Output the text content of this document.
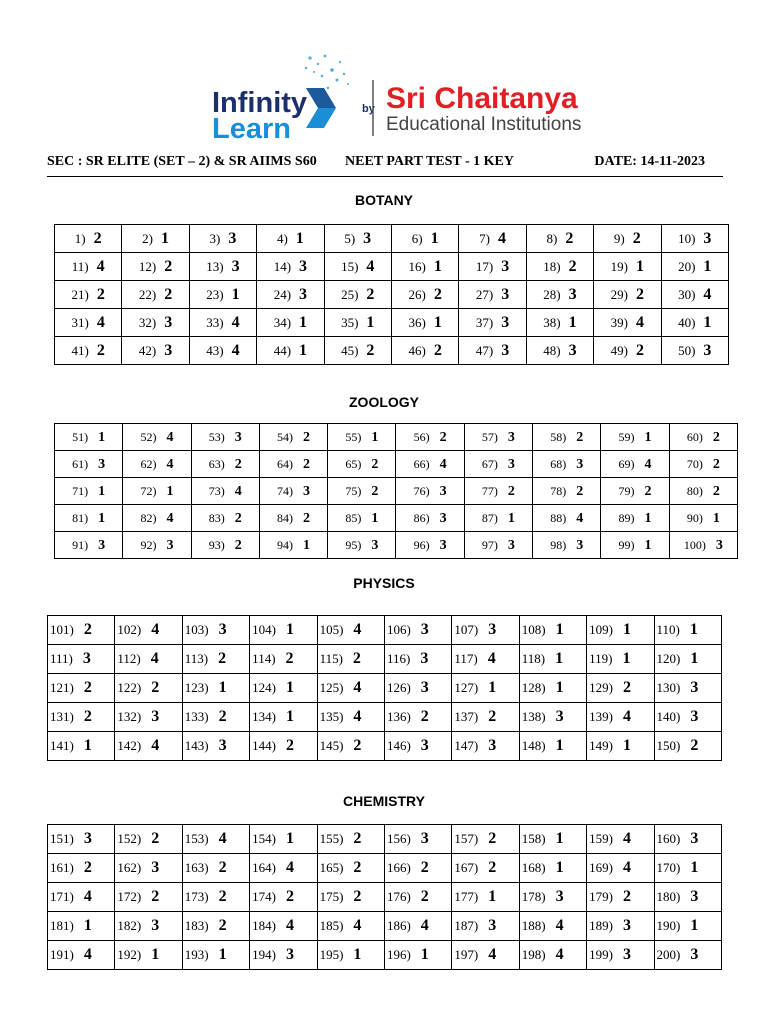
Infinity
Learn
by Sri Chaitanya
Educational Institutions
SEC : SR ELITE (SET – 2) & SR AIIMS S60 NEET PART TEST - 1 KEY	DATE: 14-11-2023
BOTANY
ZOOLOGY
PHYSICS
CHEMISTRY
1) 2	2) 1	3) 3	4) 1	5) 3	6) 1	7) 4	8) 2	9) 2	10) 3
11) 4	12) 2	13) 3	14) 3	15) 4	16) 1	17) 3	18) 2	19) 1	20) 1
21) 2	22) 2	23) 1	24) 3	25) 2	26) 2	27) 3	28) 3	29) 2	30) 4
31) 4	32) 3	33) 4	34) 1	35) 1	36) 1	37) 3	38) 1	39) 4	40) 1
41) 2	42) 3	43) 4	44) 1	45) 2	46) 2	47) 3	48) 3	49) 2	50) 3
51) 1	52) 4	53) 3	54) 2	55) 1	56) 2	57) 3	58) 2	59) 1	60) 2
61) 3	62) 4	63) 2	64) 2	65) 2	66) 4	67) 3	68) 3	69) 4	70) 2
71) 1	72) 1	73) 4	74) 3	75) 2	76) 3	77) 2	78) 2	79) 2	80) 2
81) 1	82) 4	83) 2	84) 2	85) 1	86) 3	87) 1	88) 4	89) 1	90) 1
91) 3	92) 3	93) 2	94) 1	95) 3	96) 3	97) 3	98) 3	99) 1	100) 3
101) 2	102) 4	103) 3	104) 1	105) 4	106) 3	107) 3	108) 1	109) 1	110) 1
111) 3	112) 4	113) 2	114) 2	115) 2	116) 3	117) 4	118) 1	119) 1	120) 1
121) 2	122) 2	123) 1	124) 1	125) 4	126) 3	127) 1	128) 1	129) 2	130) 3
131) 2	132) 3	133) 2	134) 1	135) 4	136) 2	137) 2	138) 3	139) 4	140) 3
141) 1	142) 4	143) 3	144) 2	145) 2	146) 3	147) 3	148) 1	149) 1	150) 2
151) 3	152) 2	153) 4	154) 1	155) 2	156) 3	157) 2	158) 1	159) 4	160) 3
161) 2	162) 3	163) 2	164) 4	165) 2	166) 2	167) 2	168) 1	169) 4	170) 1
171) 4	172) 2	173) 2	174) 2	175) 2	176) 2	177) 1	178) 3	179) 2	180) 3
181) 1	182) 3	183) 2	184) 4	185) 4	186) 4	187) 3	188) 4	189) 3	190) 1
191) 4	192) 1	193) 1	194) 3	195) 1	196) 1	197) 4	198) 4	199) 3	200) 3
